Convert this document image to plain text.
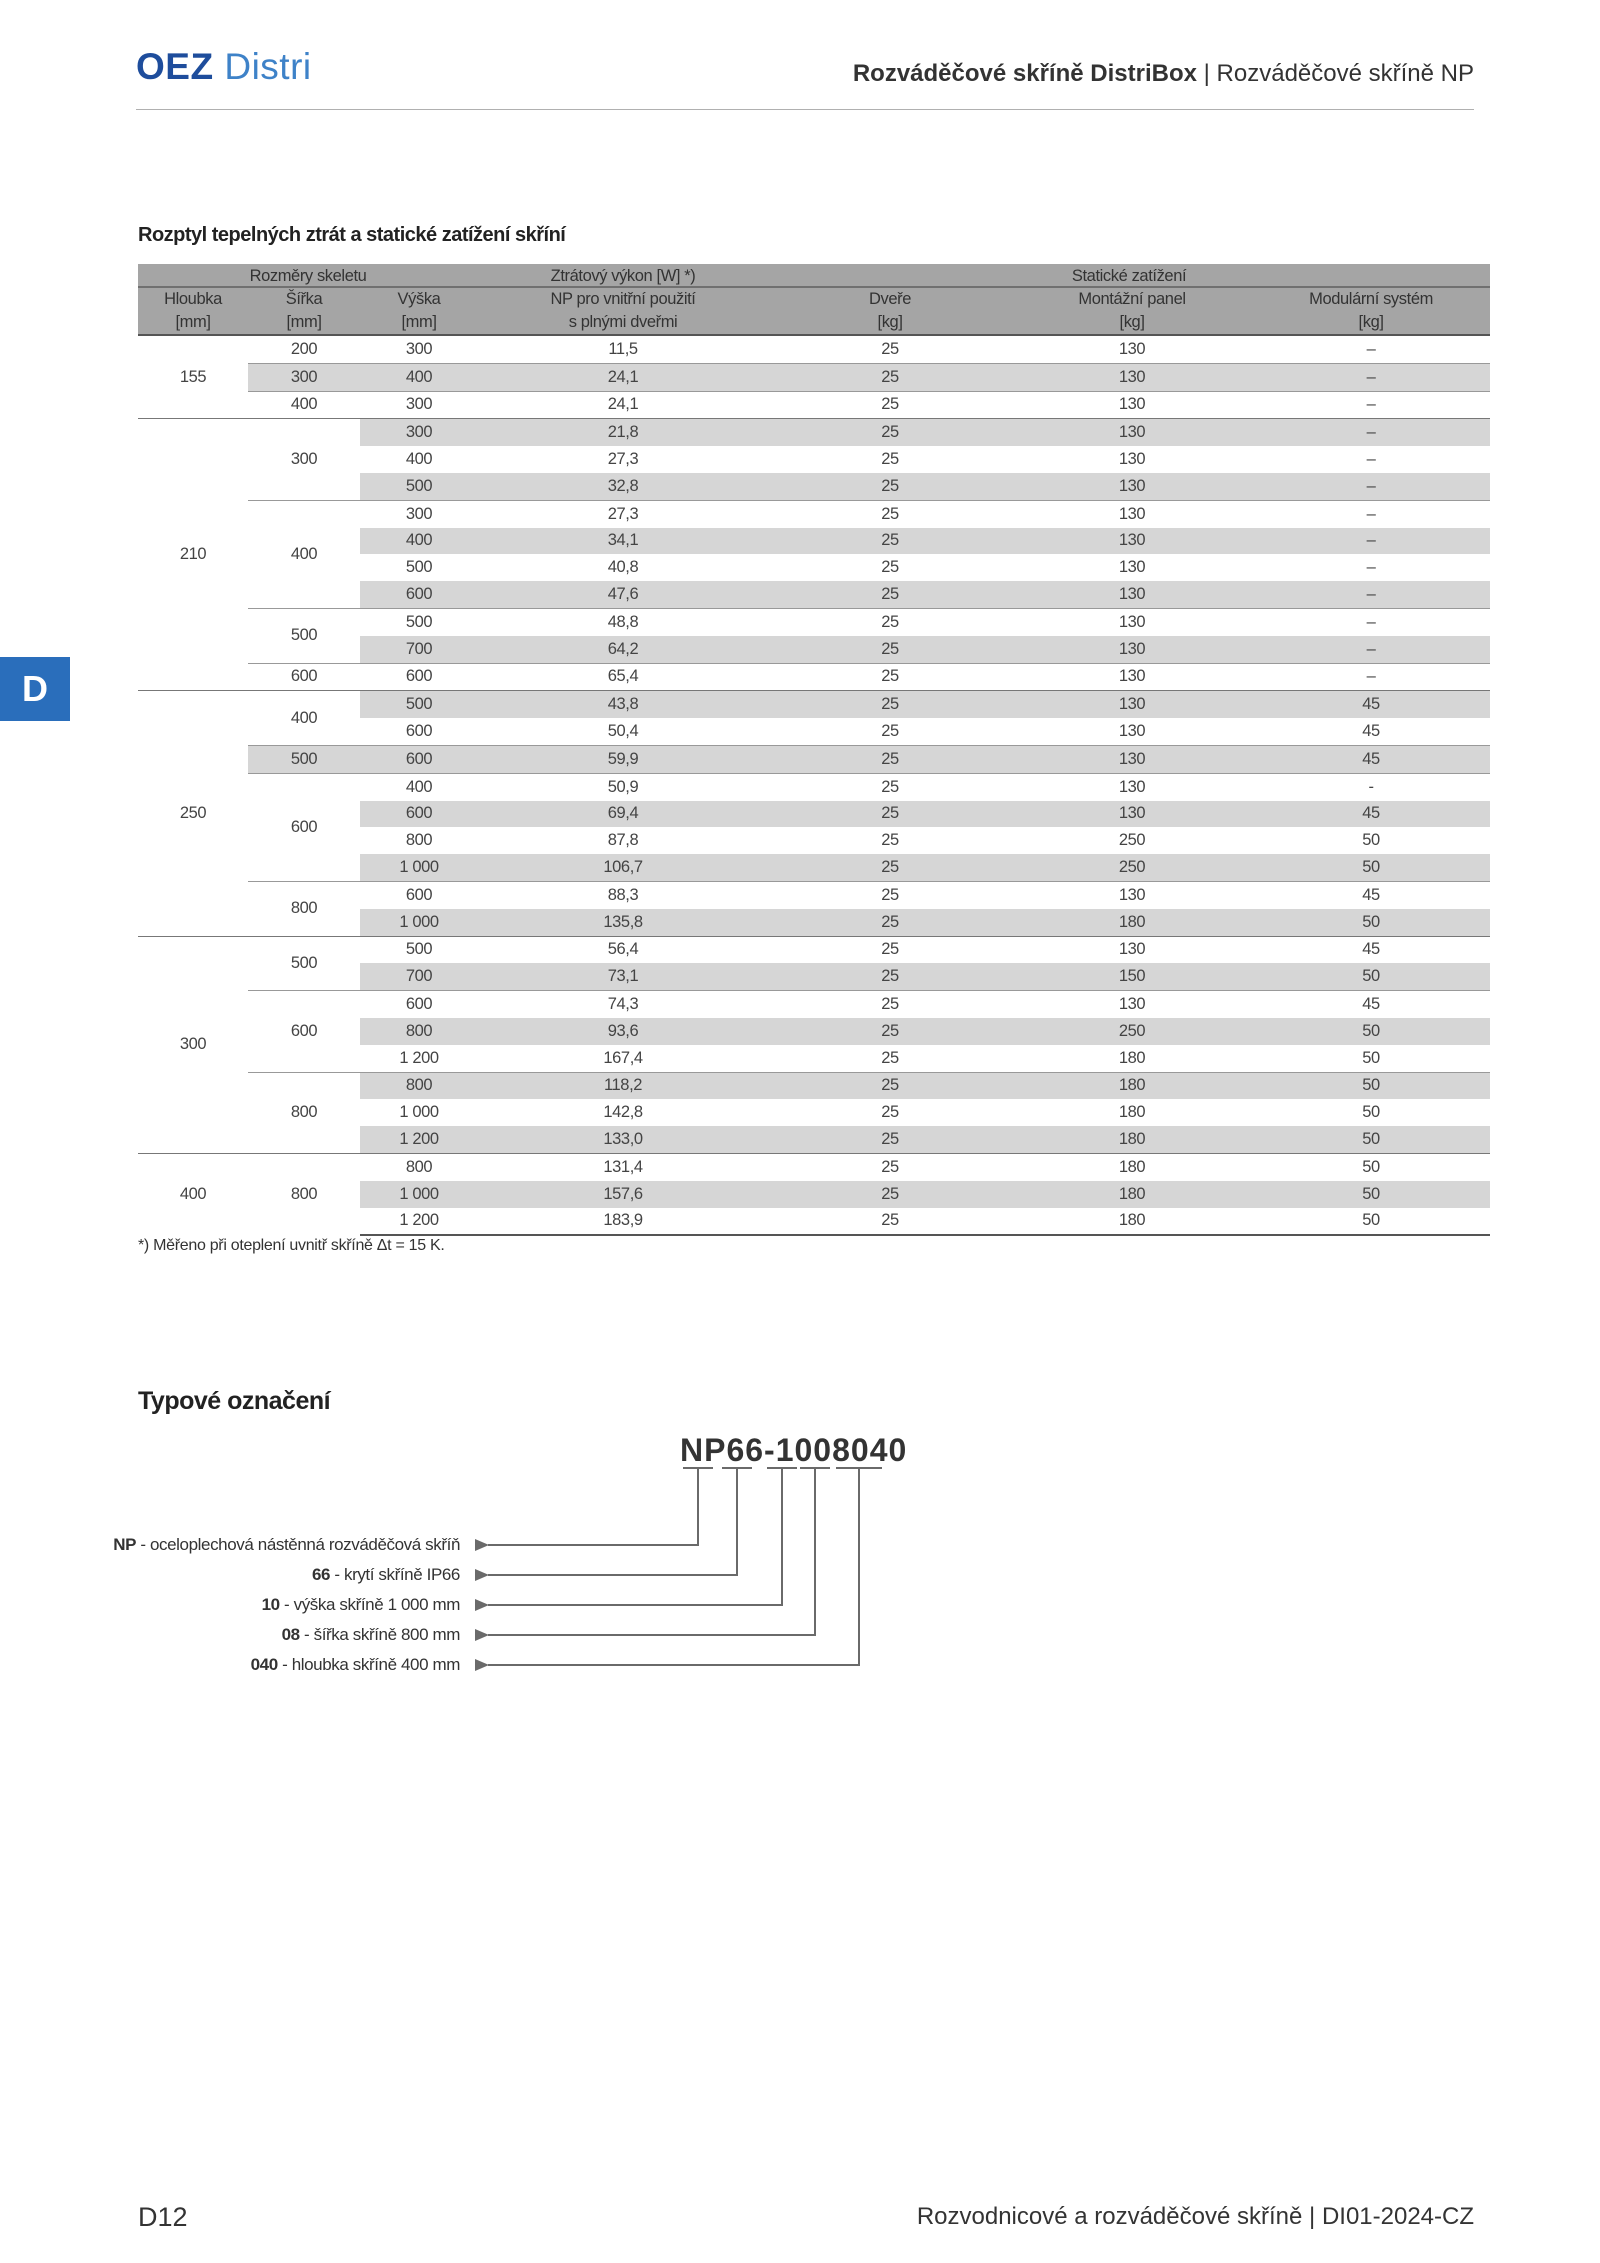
OEZ Distri	Rozváděčové skříně DistriBox | Rozváděčové skříně NP
D
Rozptyl tepelných ztrát a statické zatížení skříní
Rozměry skeletu			Ztrátový výkon [W] *)	Statické zatížení		
Hloubka	Šířka	Výška	NP pro vnitřní použití	Dveře	Montážní panel	Modulární systém
[mm]	[mm]	[mm]	s plnými dveřmi	[kg]	[kg]	[kg]
155	200	300	11,5	25	130	–
	300	400	24,1	25	130	–
	400	300	24,1	25	130	–
210	300	300	21,8	25	130	–
		400	27,3	25	130	–
		500	32,8	25	130	–
	400	300	27,3	25	130	–
		400	34,1	25	130	–
		500	40,8	25	130	–
		600	47,6	25	130	–
	500	500	48,8	25	130	–
		700	64,2	25	130	–
	600	600	65,4	25	130	–
250	400	500	43,8	25	130	45
		600	50,4	25	130	45
	500	600	59,9	25	130	45
	600	400	50,9	25	130	-
		600	69,4	25	130	45
		800	87,8	25	250	50
		1 000	106,7	25	250	50
	800	600	88,3	25	130	45
		1 000	135,8	25	180	50
300	500	500	56,4	25	130	45
		700	73,1	25	150	50
	600	600	74,3	25	130	45
		800	93,6	25	250	50
		1 200	167,4	25	180	50
	800	800	118,2	25	180	50
		1 000	142,8	25	180	50
		1 200	133,0	25	180	50
400	800	800	131,4	25	180	50
		1 000	157,6	25	180	50
		1 200	183,9	25	180	50
*) Měřeno při oteplení uvnitř skříně Δt = 15 K.
Typové označení
NP66-1008040
NP - oceloplechová nástěnná rozváděčová skříň
66 - krytí skříně IP66
10 - výška skříně 1 000 mm
08 - šířka skříně 800 mm
040 - hloubka skříně 400 mm
D12	Rozvodnicové a rozváděčové skříně | DI01-2024-CZ
